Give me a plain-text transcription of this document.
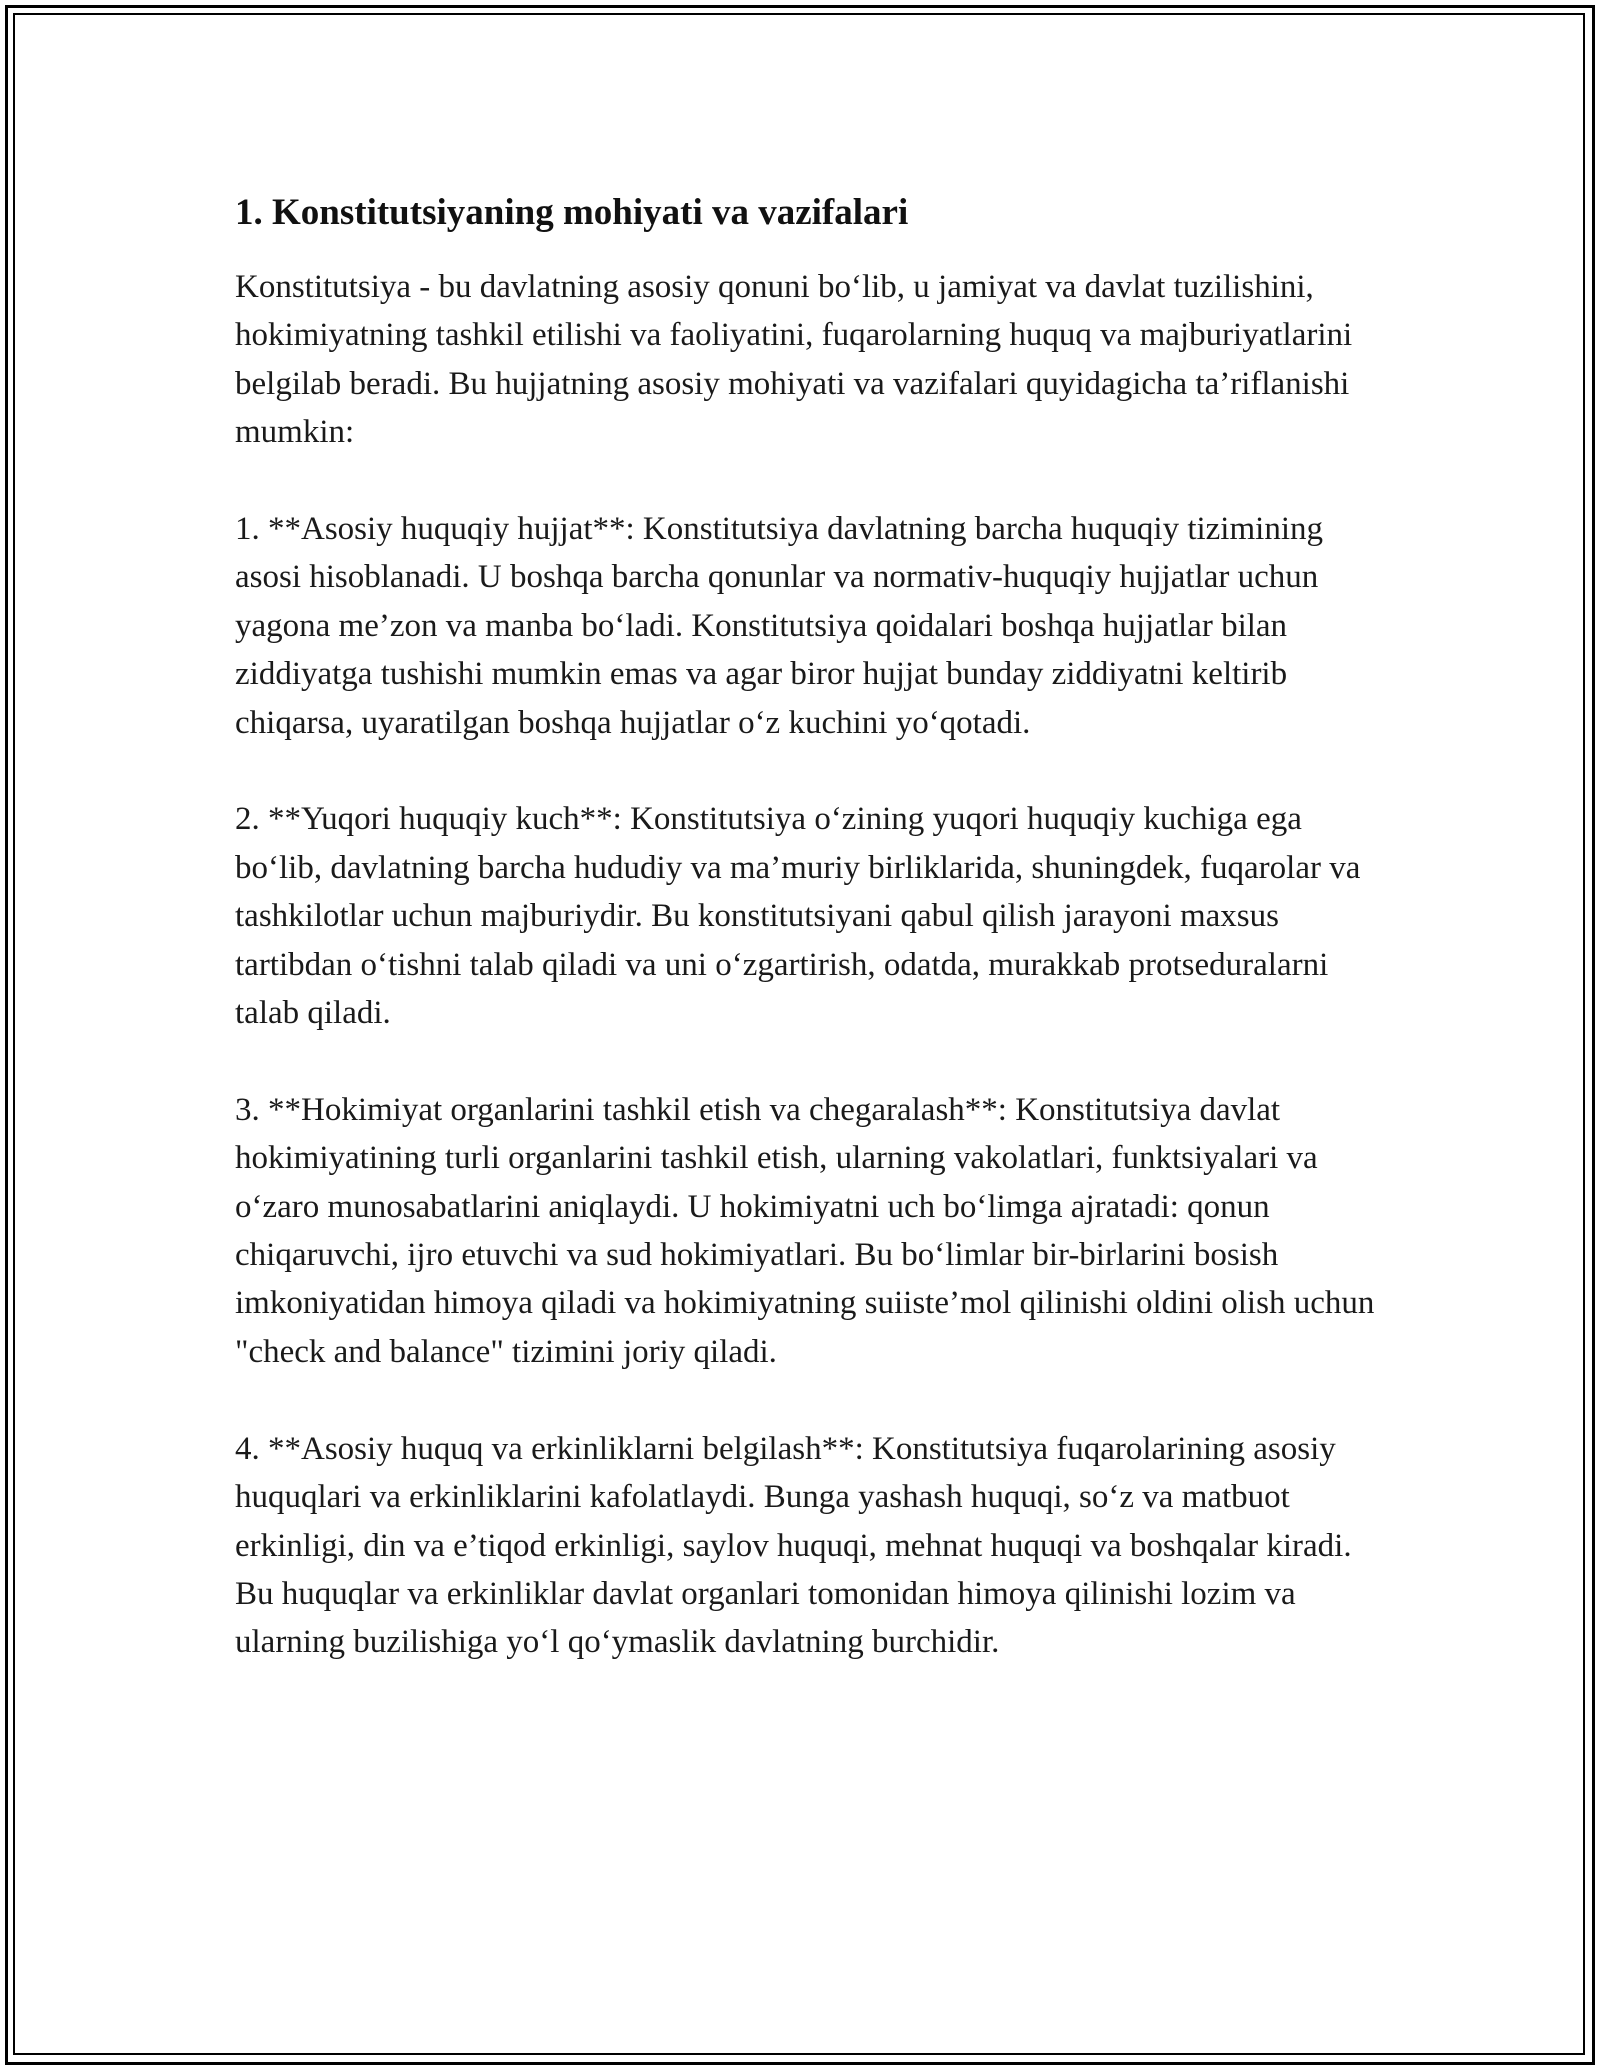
1. Konstitutsiyaning mohiyati va vazifalari

Konstitutsiya - bu davlatning asosiy qonuni bo‘lib, u jamiyat va davlat tuzilishini, hokimiyatning tashkil etilishi va faoliyatini, fuqarolarning huquq va majburiyatlarini belgilab beradi. Bu hujjatning asosiy mohiyati va vazifalari quyidagicha ta’riflanishi mumkin:

1. **Asosiy huquqiy hujjat**: Konstitutsiya davlatning barcha huquqiy tizimining asosi hisoblanadi. U boshqa barcha qonunlar va normativ-huquqiy hujjatlar uchun yagona me’zon va manba bo‘ladi. Konstitutsiya qoidalari boshqa hujjatlar bilan ziddiyatga tushishi mumkin emas va agar biror hujjat bunday ziddiyatni keltirib chiqarsa, uyaratilgan boshqa hujjatlar o‘z kuchini yo‘qotadi.

2. **Yuqori huquqiy kuch**: Konstitutsiya o‘zining yuqori huquqiy kuchiga ega bo‘lib, davlatning barcha hududiy va ma’muriy birliklarida, shuningdek, fuqarolar va tashkilotlar uchun majburiydir. Bu konstitutsiyani qabul qilish jarayoni maxsus tartibdan o‘tishni talab qiladi va uni o‘zgartirish, odatda, murakkab protseduralarni talab qiladi.

3. **Hokimiyat organlarini tashkil etish va chegaralash**: Konstitutsiya davlat hokimiyatining turli organlarini tashkil etish, ularning vakolatlari, funktsiyalari va o‘zaro munosabatlarini aniqlaydi. U hokimiyatni uch bo‘limga ajratadi: qonun chiqaruvchi, ijro etuvchi va sud hokimiyatlari. Bu bo‘limlar bir-birlarini bosish imkoniyatidan himoya qiladi va hokimiyatning suiiste’mol qilinishi oldini olish uchun "check and balance" tizimini joriy qiladi.

4. **Asosiy huquq va erkinliklarni belgilash**: Konstitutsiya fuqarolarining asosiy huquqlari va erkinliklarini kafolatlaydi. Bunga yashash huquqi, so‘z va matbuot erkinligi, din va e’tiqod erkinligi, saylov huquqi, mehnat huquqi va boshqalar kiradi. Bu huquqlar va erkinliklar davlat organlari tomonidan himoya qilinishi lozim va ularning buzilishiga yo‘l qo‘ymaslik davlatning burchidir.
